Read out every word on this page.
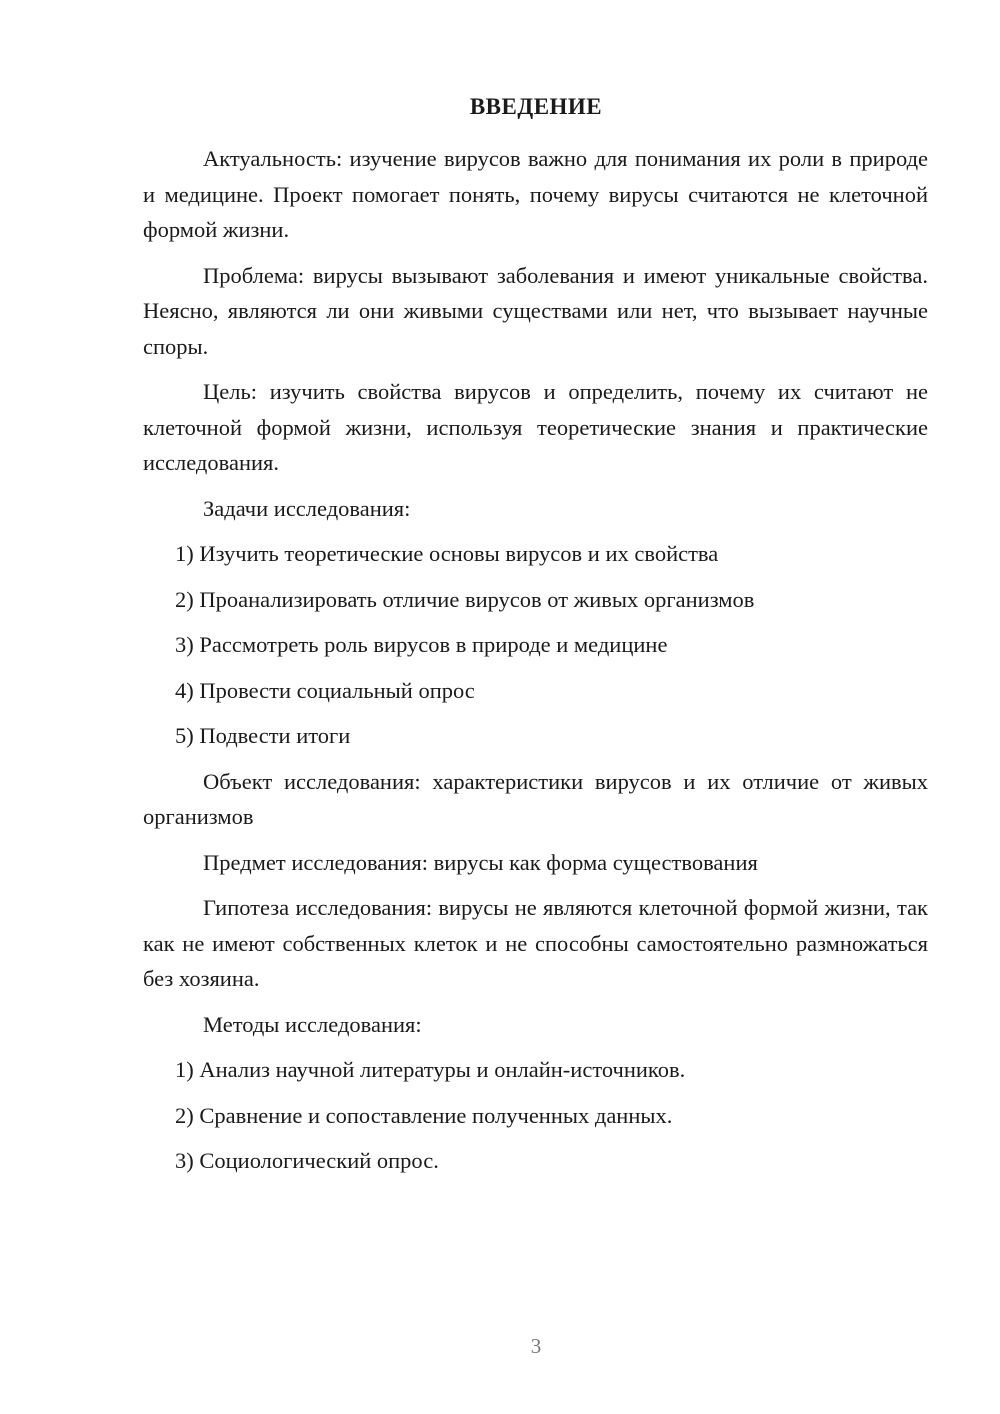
ВВЕДЕНИЕ

Актуальность: изучение вирусов важно для понимания их роли в природе и медицине. Проект помогает понять, почему вирусы считаются не клеточной формой жизни.

Проблема: вирусы вызывают заболевания и имеют уникальные свойства. Неясно, являются ли они живыми существами или нет, что вызывает научные споры.

Цель: изучить свойства вирусов и определить, почему их считают не клеточной формой жизни, используя теоретические знания и практические исследования.

Задачи исследования:

1) Изучить теоретические основы вирусов и их свойства

2) Проанализировать отличие вирусов от живых организмов

3) Рассмотреть роль вирусов в природе и медицине

4) Провести социальный опрос

5) Подвести итоги

Объект исследования: характеристики вирусов и их отличие от живых организмов

Предмет исследования: вирусы как форма существования

Гипотеза исследования: вирусы не являются клеточной формой жизни, так как не имеют собственных клеток и не способны самостоятельно размножаться без хозяина.

Методы исследования:

1) Анализ научной литературы и онлайн-источников.

2) Сравнение и сопоставление полученных данных.

3) Социологический опрос.

3
